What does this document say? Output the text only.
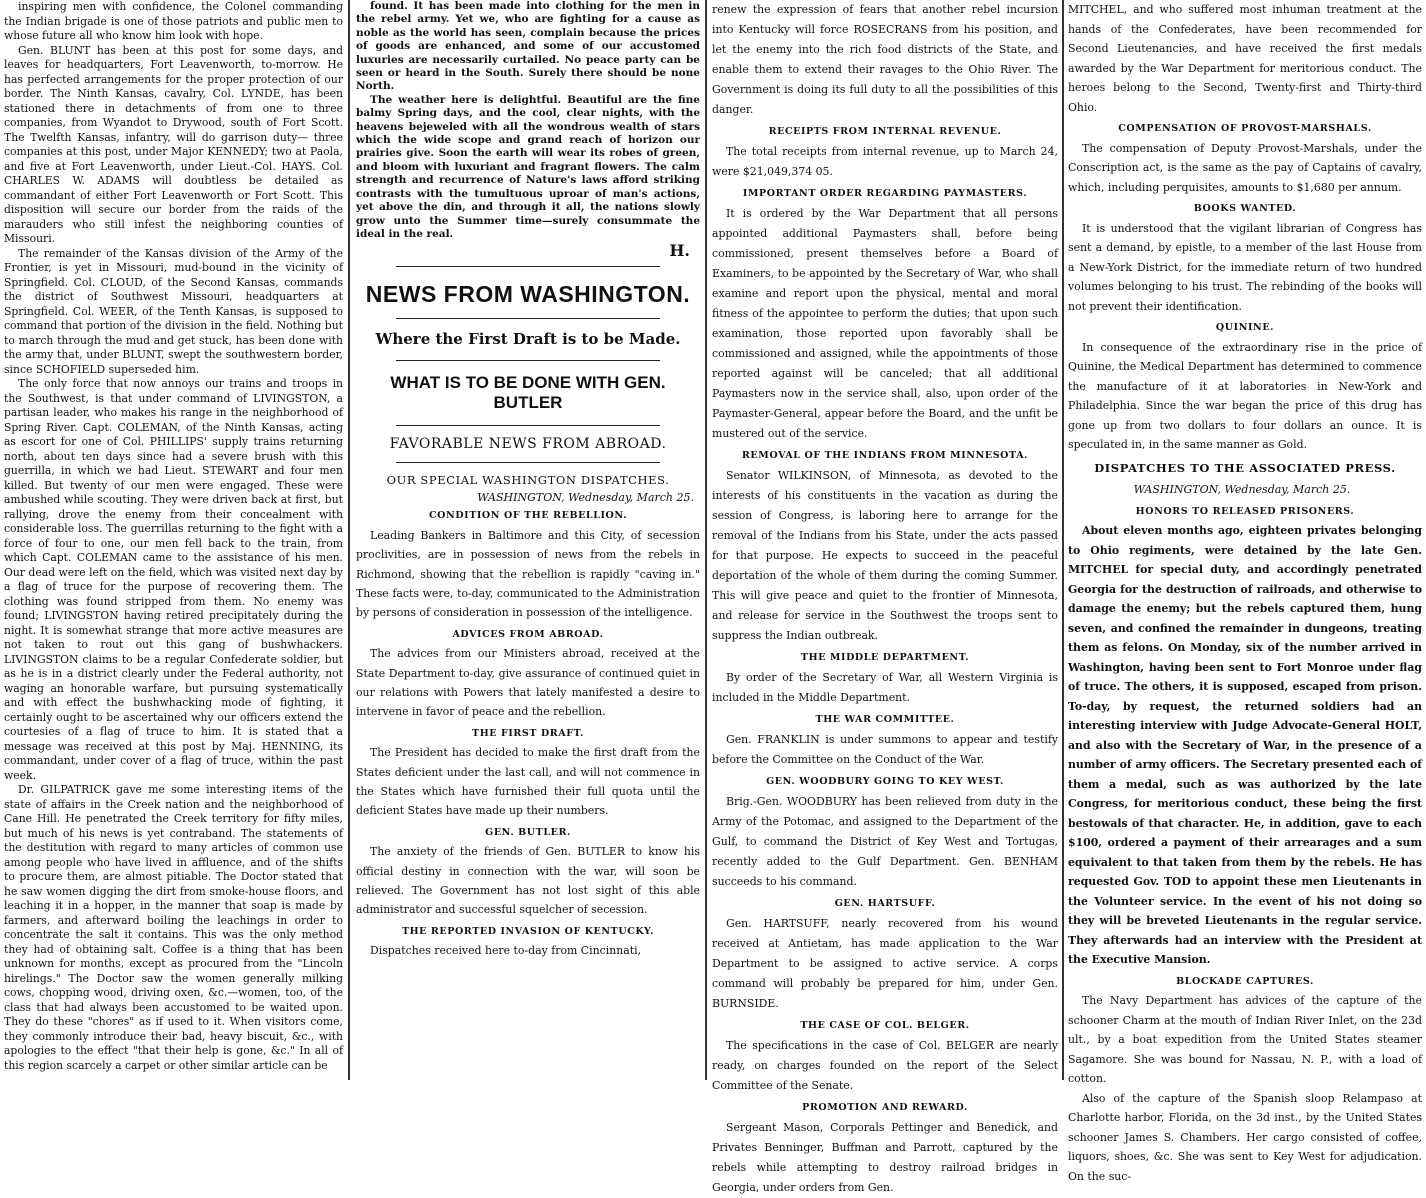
inspiring men with confidence, the Colonel commanding the Indian brigade is one of those patriots and public men to whose future all who know him look with hope.

Gen. BLUNT has been at this post for some days, and leaves for headquarters, Fort Leavenworth, to-morrow. He has perfected arrangements for the proper protection of our border. The Ninth Kansas, cavalry, Col. LYNDE, has been stationed there in detachments of from one to three companies, from Wyandot to Drywood, south of Fort Scott. The Twelfth Kansas, infantry, will do garrison duty— three companies at this post, under Major KENNEDY; two at Paola, and five at Fort Leavenworth, under Lieut.-Col. HAYS. Col. CHARLES W. ADAMS will doubtless be detailed as commandant of either Fort Leavenworth or Fort Scott. This disposition will secure our border from the raids of the marauders who still infest the neighboring counties of Missouri.

The remainder of the Kansas division of the Army of the Frontier, is yet in Missouri, mud-bound in the vicinity of Springfield. Col. CLOUD, of the Second Kansas, commands the district of Southwest Missouri, headquarters at Springfield. Col. WEER, of the Tenth Kansas, is supposed to command that portion of the division in the field. Nothing but to march through the mud and get stuck, has been done with the army that, under BLUNT, swept the southwestern border, since SCHOFIELD superseded him.

The only force that now annoys our trains and troops in the Southwest, is that under command of LIVINGSTON, a partisan leader, who makes his range in the neighborhood of Spring River. Capt. COLEMAN, of the Ninth Kansas, acting as escort for one of Col. PHILLIPS' supply trains returning north, about ten days since had a severe brush with this guerrilla, in which we had Lieut. STEWART and four men killed. But twenty of our men were engaged. These were ambushed while scouting. They were driven back at first, but rallying, drove the enemy from their concealment with considerable loss. The guerrillas returning to the fight with a force of four to one, our men fell back to the train, from which Capt. COLEMAN came to the assistance of his men. Our dead were left on the field, which was visited next day by a flag of truce for the purpose of recovering them. The clothing was found stripped from them. No enemy was found; LIVINGSTON having retired precipitately during the night. It is somewhat strange that more active measures are not taken to rout out this gang of bushwhackers. LIVINGSTON claims to be a regular Confederate soldier, but as he is in a district clearly under the Federal authority, not waging an honorable warfare, but pursuing systematically and with effect the bushwhacking mode of fighting, it certainly ought to be ascertained why our officers extend the courtesies of a flag of truce to him. It is stated that a message was received at this post by Maj. HENNING, its commandant, under cover of a flag of truce, within the past week.

Dr. GILPATRICK gave me some interesting items of the state of affairs in the Creek nation and the neighborhood of Cane Hill. He penetrated the Creek territory for fifty miles, but much of his news is yet contraband. The statements of the destitution with regard to many articles of common use among people who have lived in affluence, and of the shifts to procure them, are almost pitiable. The Doctor stated that he saw women digging the dirt from smoke-house floors, and leaching it in a hopper, in the manner that soap is made by farmers, and afterward boiling the leachings in order to concentrate the salt it contains. This was the only method they had of obtaining salt. Coffee is a thing that has been unknown for months, except as procured from the "Lincoln hirelings." The Doctor saw the women generally milking cows, chopping wood, driving oxen, &c.—women, too, of the class that had always been accustomed to be waited upon. They do these "chores" as if used to it. When visitors come, they commonly introduce their bad, heavy biscuit, &c., with apologies to the effect "that their help is gone, &c." In all of this region scarcely a carpet or other similar article can be

found. It has been made into clothing for the men in the rebel army. Yet we, who are fighting for a cause as noble as the world has seen, complain because the prices of goods are enhanced, and some of our accustomed luxuries are necessarily curtailed. No peace party can be seen or heard in the South. Surely there should be none North.

The weather here is delightful. Beautiful are the fine balmy Spring days, and the cool, clear nights, with the heavens bejeweled with all the wondrous wealth of stars which the wide scope and grand reach of horizon our prairies give. Soon the earth will wear its robes of green, and bloom with luxuriant and fragrant flowers. The calm strength and recurrence of Nature's laws afford striking contrasts with the tumultuous uproar of man's actions, yet above the din, and through it all, the nations slowly grow unto the Summer time—surely consummate the ideal in the real.

H.

NEWS FROM WASHINGTON.
Where the First Draft is to be Made.
WHAT IS TO BE DONE WITH GEN. BUTLER
FAVORABLE NEWS FROM ABROAD.
OUR SPECIAL WASHINGTON DISPATCHES.
WASHINGTON, Wednesday, March 25.
CONDITION OF THE REBELLION.

Leading Bankers in Baltimore and this City, of secession proclivities, are in possession of news from the rebels in Richmond, showing that the rebellion is rapidly "caving in." These facts were, to-day, communicated to the Administration by persons of consideration in possession of the intelligence.

ADVICES FROM ABROAD.

The advices from our Ministers abroad, received at the State Department to-day, give assurance of continued quiet in our relations with Powers that lately manifested a desire to intervene in favor of peace and the rebellion.

THE FIRST DRAFT.

The President has decided to make the first draft from the States deficient under the last call, and will not commence in the States which have furnished their full quota until the deficient States have made up their numbers.

GEN. BUTLER.

The anxiety of the friends of Gen. BUTLER to know his official destiny in connection with the war, will soon be relieved. The Government has not lost sight of this able administrator and successful squelcher of secession.

THE REPORTED INVASION OF KENTUCKY.

Dispatches received here to-day from Cincinnati,

renew the expression of fears that another rebel incursion into Kentucky will force ROSECRANS from his position, and let the enemy into the rich food districts of the State, and enable them to extend their ravages to the Ohio River. The Government is doing its full duty to all the possibilities of this danger.

RECEIPTS FROM INTERNAL REVENUE.

The total receipts from internal revenue, up to March 24, were $21,049,374 05.

IMPORTANT ORDER REGARDING PAYMASTERS.

It is ordered by the War Department that all persons appointed additional Paymasters shall, before being commissioned, present themselves before a Board of Examiners, to be appointed by the Secretary of War, who shall examine and report upon the physical, mental and moral fitness of the appointee to perform the duties; that upon such examination, those reported upon favorably shall be commissioned and assigned, while the appointments of those reported against will be canceled; that all additional Paymasters now in the service shall, also, upon order of the Paymaster-General, appear before the Board, and the unfit be mustered out of the service.

REMOVAL OF THE INDIANS FROM MINNESOTA.

Senator WILKINSON, of Minnesota, as devoted to the interests of his constituents in the vacation as during the session of Congress, is laboring here to arrange for the removal of the Indians from his State, under the acts passed for that purpose. He expects to succeed in the peaceful deportation of the whole of them during the coming Summer. This will give peace and quiet to the frontier of Minnesota, and release for service in the Southwest the troops sent to suppress the Indian outbreak.

THE MIDDLE DEPARTMENT.

By order of the Secretary of War, all Western Virginia is included in the Middle Department.

THE WAR COMMITTEE.

Gen. FRANKLIN is under summons to appear and testify before the Committee on the Conduct of the War.

GEN. WOODBURY GOING TO KEY WEST.

Brig.-Gen. WOODBURY has been relieved from duty in the Army of the Potomac, and assigned to the Department of the Gulf, to command the District of Key West and Tortugas, recently added to the Gulf Department. Gen. BENHAM succeeds to his command.

GEN. HARTSUFF.

Gen. HARTSUFF, nearly recovered from his wound received at Antietam, has made application to the War Department to be assigned to active service. A corps command will probably be prepared for him, under Gen. BURNSIDE.

THE CASE OF COL. BELGER.

The specifications in the case of Col. BELGER are nearly ready, on charges founded on the report of the Select Committee of the Senate.

PROMOTION AND REWARD.

Sergeant Mason, Corporals Pettinger and Benedick, and Privates Benninger, Buffman and Parrott, captured by the rebels while attempting to destroy railroad bridges in Georgia, under orders from Gen.

MITCHEL, and who suffered most inhuman treatment at the hands of the Confederates, have been recommended for Second Lieutenancies, and have received the first medals awarded by the War Department for meritorious conduct. The heroes belong to the Second, Twenty-first and Thirty-third Ohio.

COMPENSATION OF PROVOST-MARSHALS.

The compensation of Deputy Provost-Marshals, under the Conscription act, is the same as the pay of Captains of cavalry, which, including perquisites, amounts to $1,680 per annum.

BOOKS WANTED.

It is understood that the vigilant librarian of Congress has sent a demand, by epistle, to a member of the last House from a New-York District, for the immediate return of two hundred volumes belonging to his trust. The rebinding of the books will not prevent their identification.

QUININE.

In consequence of the extraordinary rise in the price of Quinine, the Medical Department has determined to commence the manufacture of it at laboratories in New-York and Philadelphia. Since the war began the price of this drug has gone up from two dollars to four dollars an ounce. It is speculated in, in the same manner as Gold.

DISPATCHES TO THE ASSOCIATED PRESS.
WASHINGTON, Wednesday, March 25.
HONORS TO RELEASED PRISONERS.

About eleven months ago, eighteen privates belonging to Ohio regiments, were detained by the late Gen. MITCHEL for special duty, and accordingly penetrated Georgia for the destruction of railroads, and otherwise to damage the enemy; but the rebels captured them, hung seven, and confined the remainder in dungeons, treating them as felons. On Monday, six of the number arrived in Washington, having been sent to Fort Monroe under flag of truce. The others, it is supposed, escaped from prison. To-day, by request, the returned soldiers had an interesting interview with Judge Advocate-General HOLT, and also with the Secretary of War, in the presence of a number of army officers. The Secretary presented each of them a medal, such as was authorized by the late Congress, for meritorious conduct, these being the first bestowals of that character. He, in addition, gave to each $100, ordered a payment of their arrearages and a sum equivalent to that taken from them by the rebels. He has requested Gov. TOD to appoint these men Lieutenants in the Volunteer service. In the event of his not doing so they will be breveted Lieutenants in the regular service. They afterwards had an interview with the President at the Executive Mansion.

BLOCKADE CAPTURES.

The Navy Department has advices of the capture of the schooner Charm at the mouth of Indian River Inlet, on the 23d ult., by a boat expedition from the United States steamer Sagamore. She was bound for Nassau, N. P., with a load of cotton.

Also of the capture of the Spanish sloop Relampaso at Charlotte harbor, Florida, on the 3d inst., by the United States schooner James S. Chambers. Her cargo consisted of coffee, liquors, shoes, &c. She was sent to Key West for adjudication. On the suc-
